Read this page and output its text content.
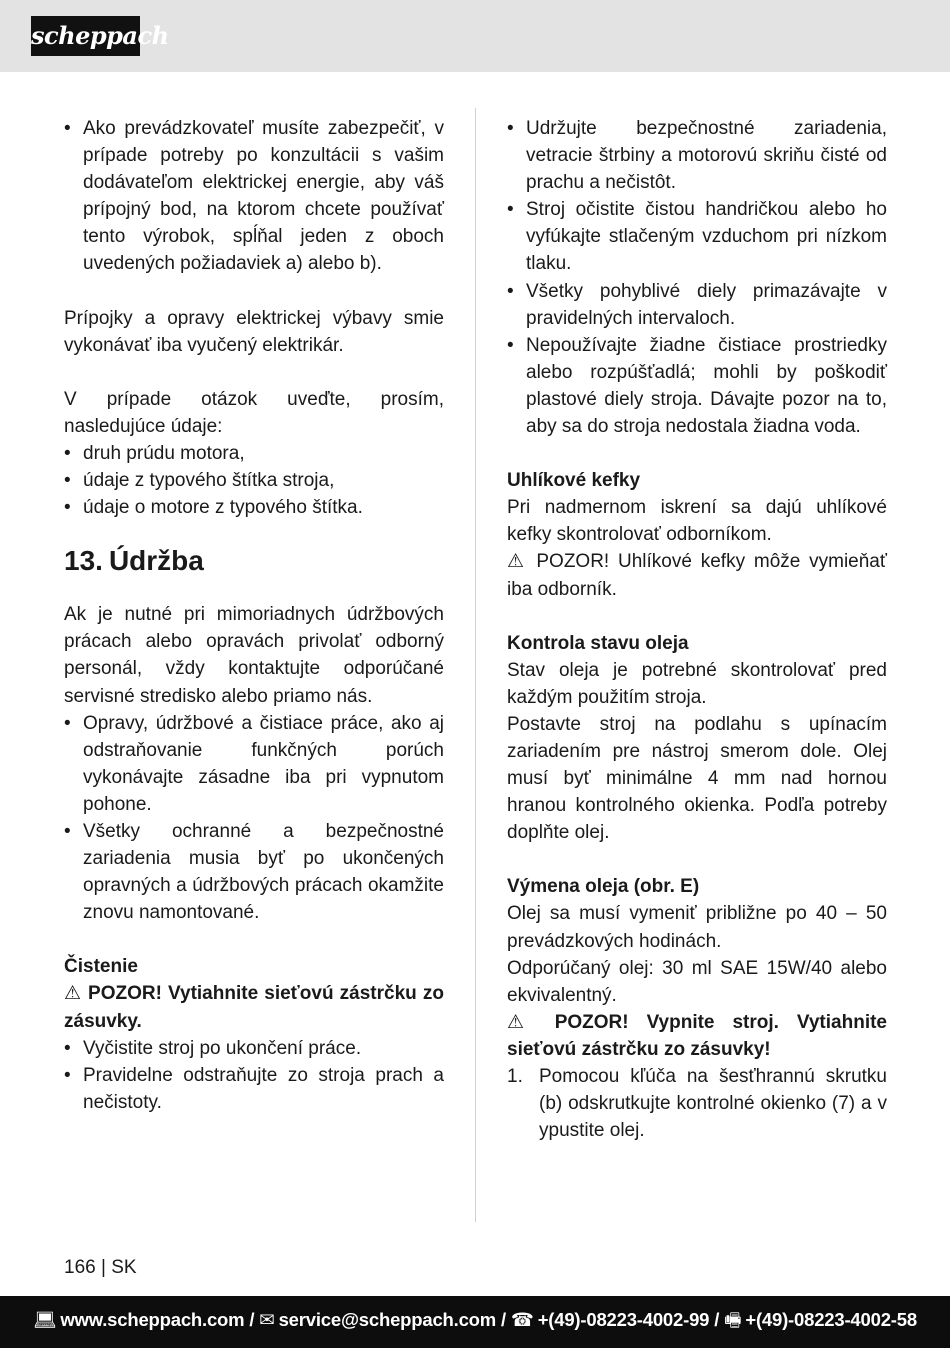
scheppach
• Ako prevádzkovateľ musíte zabezpečiť, v prípade potreby po konzultácii s vašim dodávateľom elektrickej energie, aby váš prípojný bod, na ktorom chcete používať tento výrobok, spĺňal jeden z oboch uvedených požiadaviek a) alebo b).

Prípojky a opravy elektrickej výbavy smie vykonávať iba vyučený elektrikár.

V prípade otázok uveďte, prosím, nasledujúce údaje:

• druh prúdu motora,
• údaje z typového štítka stroja,
• údaje o motore z typového štítka.
13. Údržba

Ak je nutné pri mimoriadnych údržbových prácach alebo opravách privolať odborný personál, vždy kontaktujte odporúčané servisné stredisko alebo priamo nás.

• Opravy, údržbové a čistiace práce, ako aj odstraňovanie funkčných porúch vykonávajte zásadne iba pri vypnutom pohone.
• Všetky ochranné a bezpečnostné zariadenia musia byť po ukončených opravných a údržbových prácach okamžite znovu namontované.

Čistenie

⚠ POZOR! Vytiahnite sieťovú zástrčku zo zásuvky.

• Vyčistite stroj po ukončení práce.
• Pravidelne odstraňujte zo stroja prach a nečistoty.
• Udržujte bezpečnostné zariadenia, vetracie štrbiny a motorovú skriňu čisté od prachu a nečistôt.
• Stroj očistite čistou handričkou alebo ho vyfúkajte stlačeným vzduchom pri nízkom tlaku.
• Všetky pohyblivé diely primazávajte v pravidelných intervaloch.
• Nepoužívajte žiadne čistiace prostriedky alebo rozpúšťadlá; mohli by poškodiť plastové diely stroja. Dávajte pozor na to, aby sa do stroja nedostala žiadna voda.

Uhlíkové kefky

Pri nadmernom iskrení sa dajú uhlíkové kefky skontrolovať odborníkom.

⚠ POZOR! Uhlíkové kefky môže vymieňať iba odborník.

Kontrola stavu oleja

Stav oleja je potrebné skontrolovať pred každým použitím stroja.

Postavte stroj na podlahu s upínacím zariadením pre nástroj smerom dole. Olej musí byť minimálne 4 mm nad hornou hranou kontrolného okienka. Podľa potreby doplňte olej.

Výmena oleja (obr. E)

Olej sa musí vymeniť približne po 40 – 50 prevádzkových hodinách.

Odporúčaný olej: 30 ml SAE 15W/40 alebo ekvivalentný.

⚠ POZOR! Vypnite stroj. Vytiahnite sieťovú zástrčku zo zásuvky!

1. Pomocou kľúča na šesťhrannú skrutku (b) odskrutkujte kontrolné okienko (7) a v ypustite olej.
166 | SK
💻︎ www.scheppach.com / ✉︎ service@scheppach.com / ☎︎ +(49)-08223-4002-99 / 🖷︎ +(49)-08223-4002-58
